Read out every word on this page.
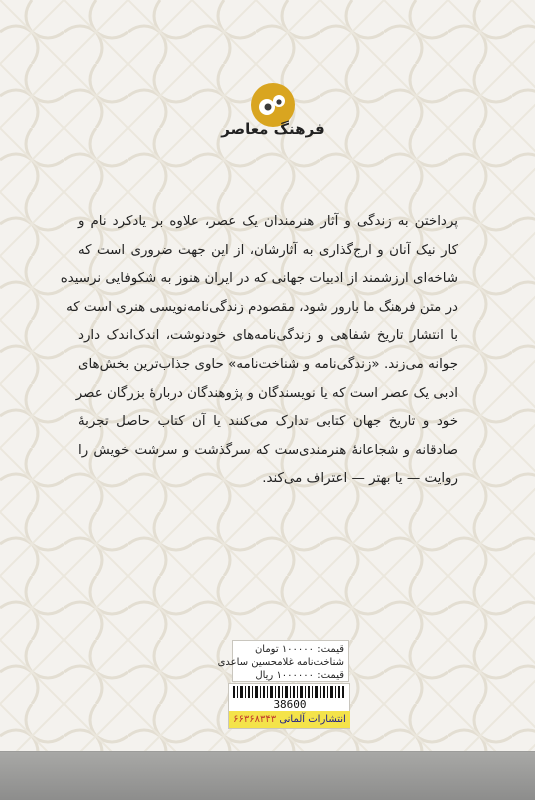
فرهنگ معاصر
پرداختن به زندگی و آثار هنرمندان یک عصر، علاوه بر یادکرد نام و
کار نیک آنان و ارج‌گذاری به آثارشان، از این جهت ضروری است که
شاخه‌ای ارزشمند از ادبیات جهانی که در ایران هنوز به شکوفایی نرسیده
در متن فرهنگ ما بارور شود، مقصودم زندگی‌نامه‌نویسی هنری است که
با انتشار تاریخ شفاهی و زندگی‌نامه‌های خودنوشت، اندک‌اندک دارد
جوانه می‌زند. «زندگی‌نامه و شناخت‌نامه» حاوی جذاب‌ترین بخش‌های
ادبی یک عصر است که یا نویسندگان و پژوهندگان دربارهٔ بزرگان عصر
خود و تاریخ جهان کتابی تدارک می‌کنند یا آن کتاب حاصل تجربهٔ
صادقانه و شجاعانهٔ هنرمندی‌ست که سرگذشت و سرشت خویش را
روایت — یا بهتر — اعتراف می‌کند.
قیمت: ۱۰۰۰۰۰ تومان
شناخت‌نامه غلامحسین ساعدی
قیمت: ۱۰۰۰۰۰۰ ریال
38600
انتشارات آلمانی ۶۶۳۶۸۳۴۳
